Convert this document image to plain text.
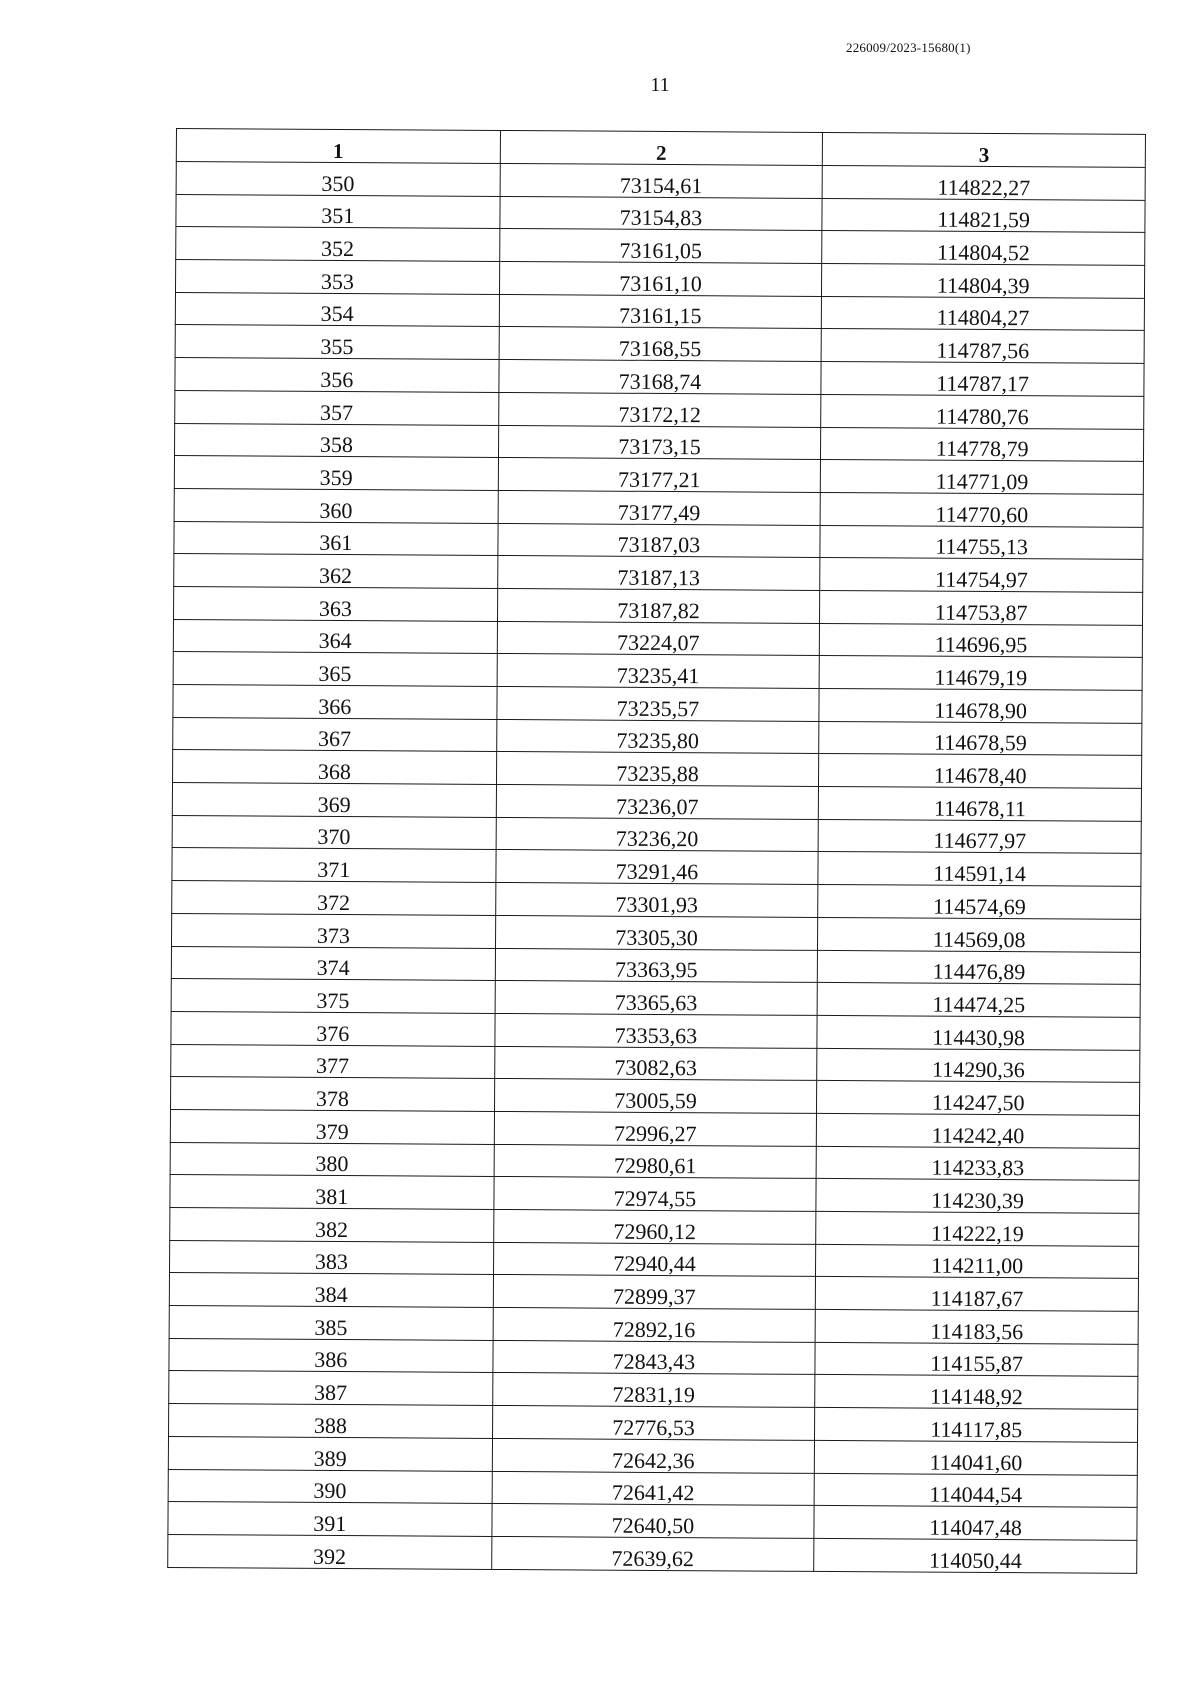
226009/2023-15680(1)
11
1	2	3
350	73154,61	114822,27
351	73154,83	114821,59
352	73161,05	114804,52
353	73161,10	114804,39
354	73161,15	114804,27
355	73168,55	114787,56
356	73168,74	114787,17
357	73172,12	114780,76
358	73173,15	114778,79
359	73177,21	114771,09
360	73177,49	114770,60
361	73187,03	114755,13
362	73187,13	114754,97
363	73187,82	114753,87
364	73224,07	114696,95
365	73235,41	114679,19
366	73235,57	114678,90
367	73235,80	114678,59
368	73235,88	114678,40
369	73236,07	114678,11
370	73236,20	114677,97
371	73291,46	114591,14
372	73301,93	114574,69
373	73305,30	114569,08
374	73363,95	114476,89
375	73365,63	114474,25
376	73353,63	114430,98
377	73082,63	114290,36
378	73005,59	114247,50
379	72996,27	114242,40
380	72980,61	114233,83
381	72974,55	114230,39
382	72960,12	114222,19
383	72940,44	114211,00
384	72899,37	114187,67
385	72892,16	114183,56
386	72843,43	114155,87
387	72831,19	114148,92
388	72776,53	114117,85
389	72642,36	114041,60
390	72641,42	114044,54
391	72640,50	114047,48
392	72639,62	114050,44
